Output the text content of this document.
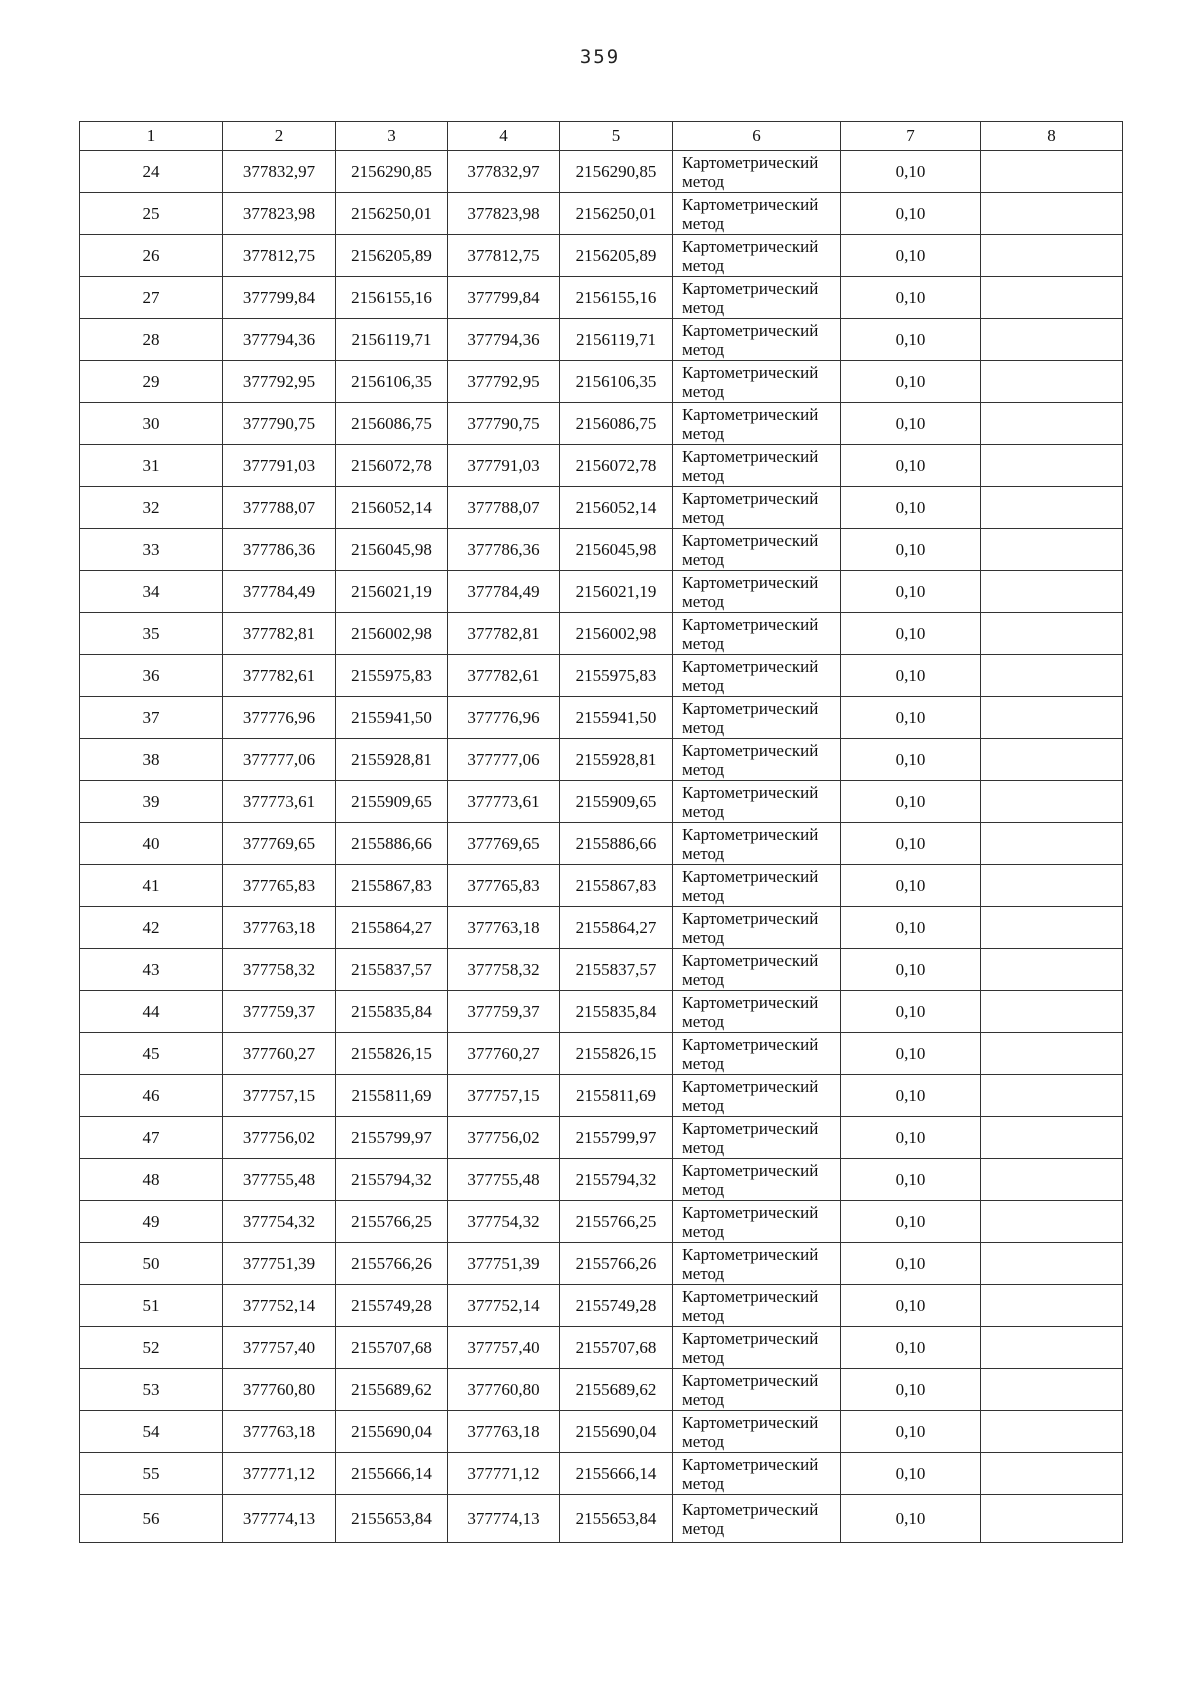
359
1	2	3	4	5	6	7	8
24	377832,97	2156290,85	377832,97	2156290,85	Картометрический метод	0,10	
25	377823,98	2156250,01	377823,98	2156250,01	Картометрический метод	0,10	
26	377812,75	2156205,89	377812,75	2156205,89	Картометрический метод	0,10	
27	377799,84	2156155,16	377799,84	2156155,16	Картометрический метод	0,10	
28	377794,36	2156119,71	377794,36	2156119,71	Картометрический метод	0,10	
29	377792,95	2156106,35	377792,95	2156106,35	Картометрический метод	0,10	
30	377790,75	2156086,75	377790,75	2156086,75	Картометрический метод	0,10	
31	377791,03	2156072,78	377791,03	2156072,78	Картометрический метод	0,10	
32	377788,07	2156052,14	377788,07	2156052,14	Картометрический метод	0,10	
33	377786,36	2156045,98	377786,36	2156045,98	Картометрический метод	0,10	
34	377784,49	2156021,19	377784,49	2156021,19	Картометрический метод	0,10	
35	377782,81	2156002,98	377782,81	2156002,98	Картометрический метод	0,10	
36	377782,61	2155975,83	377782,61	2155975,83	Картометрический метод	0,10	
37	377776,96	2155941,50	377776,96	2155941,50	Картометрический метод	0,10	
38	377777,06	2155928,81	377777,06	2155928,81	Картометрический метод	0,10	
39	377773,61	2155909,65	377773,61	2155909,65	Картометрический метод	0,10	
40	377769,65	2155886,66	377769,65	2155886,66	Картометрический метод	0,10	
41	377765,83	2155867,83	377765,83	2155867,83	Картометрический метод	0,10	
42	377763,18	2155864,27	377763,18	2155864,27	Картометрический метод	0,10	
43	377758,32	2155837,57	377758,32	2155837,57	Картометрический метод	0,10	
44	377759,37	2155835,84	377759,37	2155835,84	Картометрический метод	0,10	
45	377760,27	2155826,15	377760,27	2155826,15	Картометрический метод	0,10	
46	377757,15	2155811,69	377757,15	2155811,69	Картометрический метод	0,10	
47	377756,02	2155799,97	377756,02	2155799,97	Картометрический метод	0,10	
48	377755,48	2155794,32	377755,48	2155794,32	Картометрический метод	0,10	
49	377754,32	2155766,25	377754,32	2155766,25	Картометрический метод	0,10	
50	377751,39	2155766,26	377751,39	2155766,26	Картометрический метод	0,10	
51	377752,14	2155749,28	377752,14	2155749,28	Картометрический метод	0,10	
52	377757,40	2155707,68	377757,40	2155707,68	Картометрический метод	0,10	
53	377760,80	2155689,62	377760,80	2155689,62	Картометрический метод	0,10	
54	377763,18	2155690,04	377763,18	2155690,04	Картометрический метод	0,10	
55	377771,12	2155666,14	377771,12	2155666,14	Картометрический метод	0,10	
56	377774,13	2155653,84	377774,13	2155653,84	Картометрический метод	0,10	
